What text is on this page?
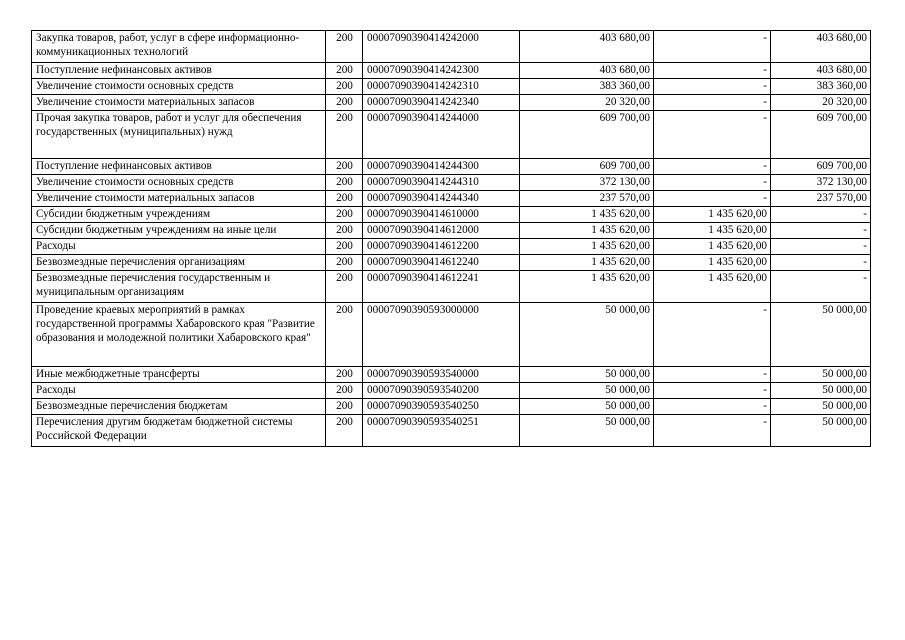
Закупка товаров, работ, услуг в сфере информационно-коммуникационных технологий	200	00007090390414242000	403 680,00	-	403 680,00
Поступление нефинансовых активов	200	00007090390414242300	403 680,00	-	403 680,00
Увеличение стоимости основных средств	200	00007090390414242310	383 360,00	-	383 360,00
Увеличение стоимости материальных запасов	200	00007090390414242340	20 320,00	-	20 320,00
Прочая закупка товаров, работ и услуг для обеспечения государственных (муниципальных) нужд	200	00007090390414244000	609 700,00	-	609 700,00
Поступление нефинансовых активов	200	00007090390414244300	609 700,00	-	609 700,00
Увеличение стоимости основных средств	200	00007090390414244310	372 130,00	-	372 130,00
Увеличение стоимости материальных запасов	200	00007090390414244340	237 570,00	-	237 570,00
Субсидии бюджетным учреждениям	200	00007090390414610000	1 435 620,00	1 435 620,00	-
Субсидии бюджетным учреждениям на иные цели	200	00007090390414612000	1 435 620,00	1 435 620,00	-
Расходы	200	00007090390414612200	1 435 620,00	1 435 620,00	-
Безвозмездные перечисления организациям	200	00007090390414612240	1 435 620,00	1 435 620,00	-
Безвозмездные перечисления государственным и муниципальным организациям	200	00007090390414612241	1 435 620,00	1 435 620,00	-
Проведение краевых мероприятий в рамках государственной программы Хабаровского края "Развитие образования и молодежной политики Хабаровского края"	200	00007090390593000000	50 000,00	-	50 000,00
Иные межбюджетные трансферты	200	00007090390593540000	50 000,00	-	50 000,00
Расходы	200	00007090390593540200	50 000,00	-	50 000,00
Безвозмездные перечисления бюджетам	200	00007090390593540250	50 000,00	-	50 000,00
Перечисления другим бюджетам бюджетной системы Российской Федерации	200	00007090390593540251	50 000,00	-	50 000,00
